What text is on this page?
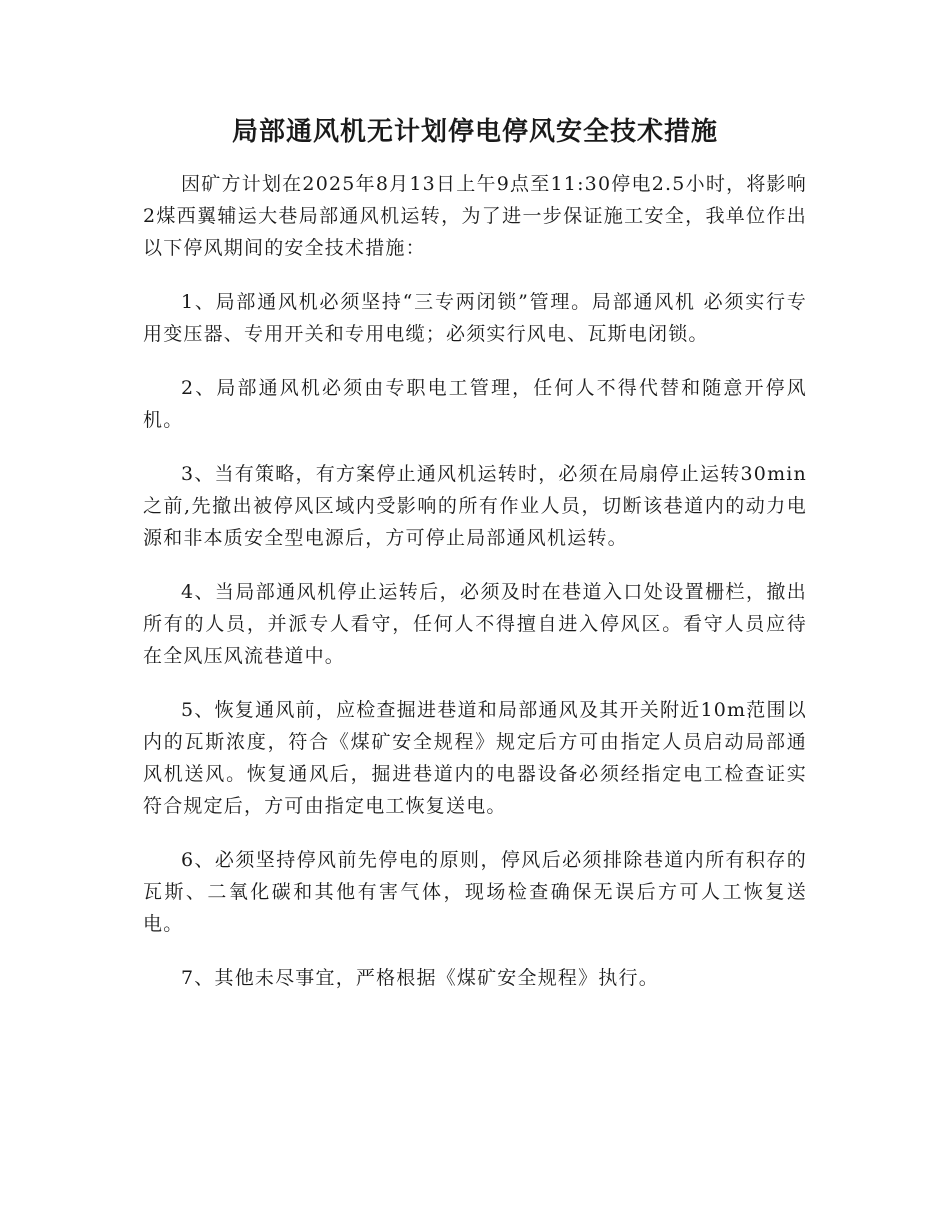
局部通风机无计划停电停风安全技术措施

因矿方计划在2025年8月13日上午9点至11:30停电2.5小时，将影响2煤西翼辅运大巷局部通风机运转，为了进一步保证施工安全，我单位作出以下停风期间的安全技术措施：

1、局部通风机必须坚持“三专两闭锁”管理。局部通风机 必须实行专用变压器、专用开关和专用电缆；必须实行风电、瓦斯电闭锁。

2、局部通风机必须由专职电工管理，任何人不得代替和随意开停风机。

3、当有策略，有方案停止通风机运转时，必须在局扇停止运转30min之前,先撤出被停风区域内受影响的所有作业人员，切断该巷道内的动力电源和非本质安全型电源后，方可停止局部通风机运转。

4、当局部通风机停止运转后，必须及时在巷道入口处设置栅栏，撤出所有的人员，并派专人看守，任何人不得擅自进入停风区。看守人员应待在全风压风流巷道中。

5、恢复通风前，应检查掘进巷道和局部通风及其开关附近10m范围以内的瓦斯浓度，符合《煤矿安全规程》规定后方可由指定人员启动局部通风机送风。恢复通风后，掘进巷道内的电器设备必须经指定电工检查证实符合规定后，方可由指定电工恢复送电。

6、必须坚持停风前先停电的原则，停风后必须排除巷道内所有积存的瓦斯、二氧化碳和其他有害气体，现场检查确保无误后方可人工恢复送电。

7、其他未尽事宜，严格根据《煤矿安全规程》执行。
